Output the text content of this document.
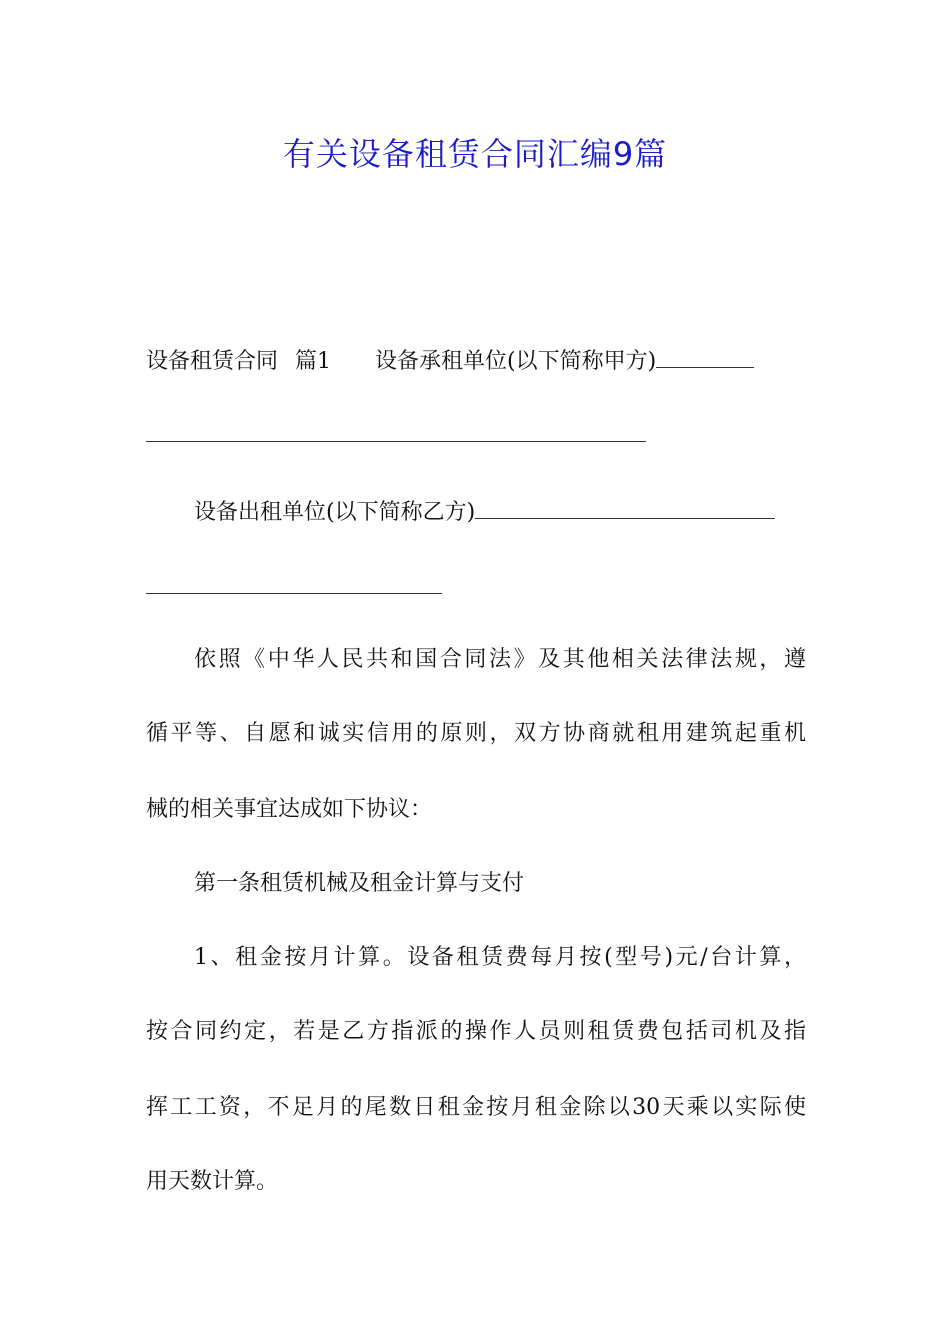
有关设备租赁合同汇编9篇
设备租赁合同 篇1 设备承租单位(以下简称甲方)
设备出租单位(以下简称乙方)
依照《中华人民共和国合同法》及其他相关法律法规，遵
循平等、自愿和诚实信用的原则，双方协商就租用建筑起重机
械的相关事宜达成如下协议：
第一条租赁机械及租金计算与支付
1、租金按月计算。设备租赁费每月按(型号)元/台计算，
按合同约定，若是乙方指派的操作人员则租赁费包括司机及指
挥工工资，不足月的尾数日租金按月租金除以30天乘以实际使
用天数计算。
